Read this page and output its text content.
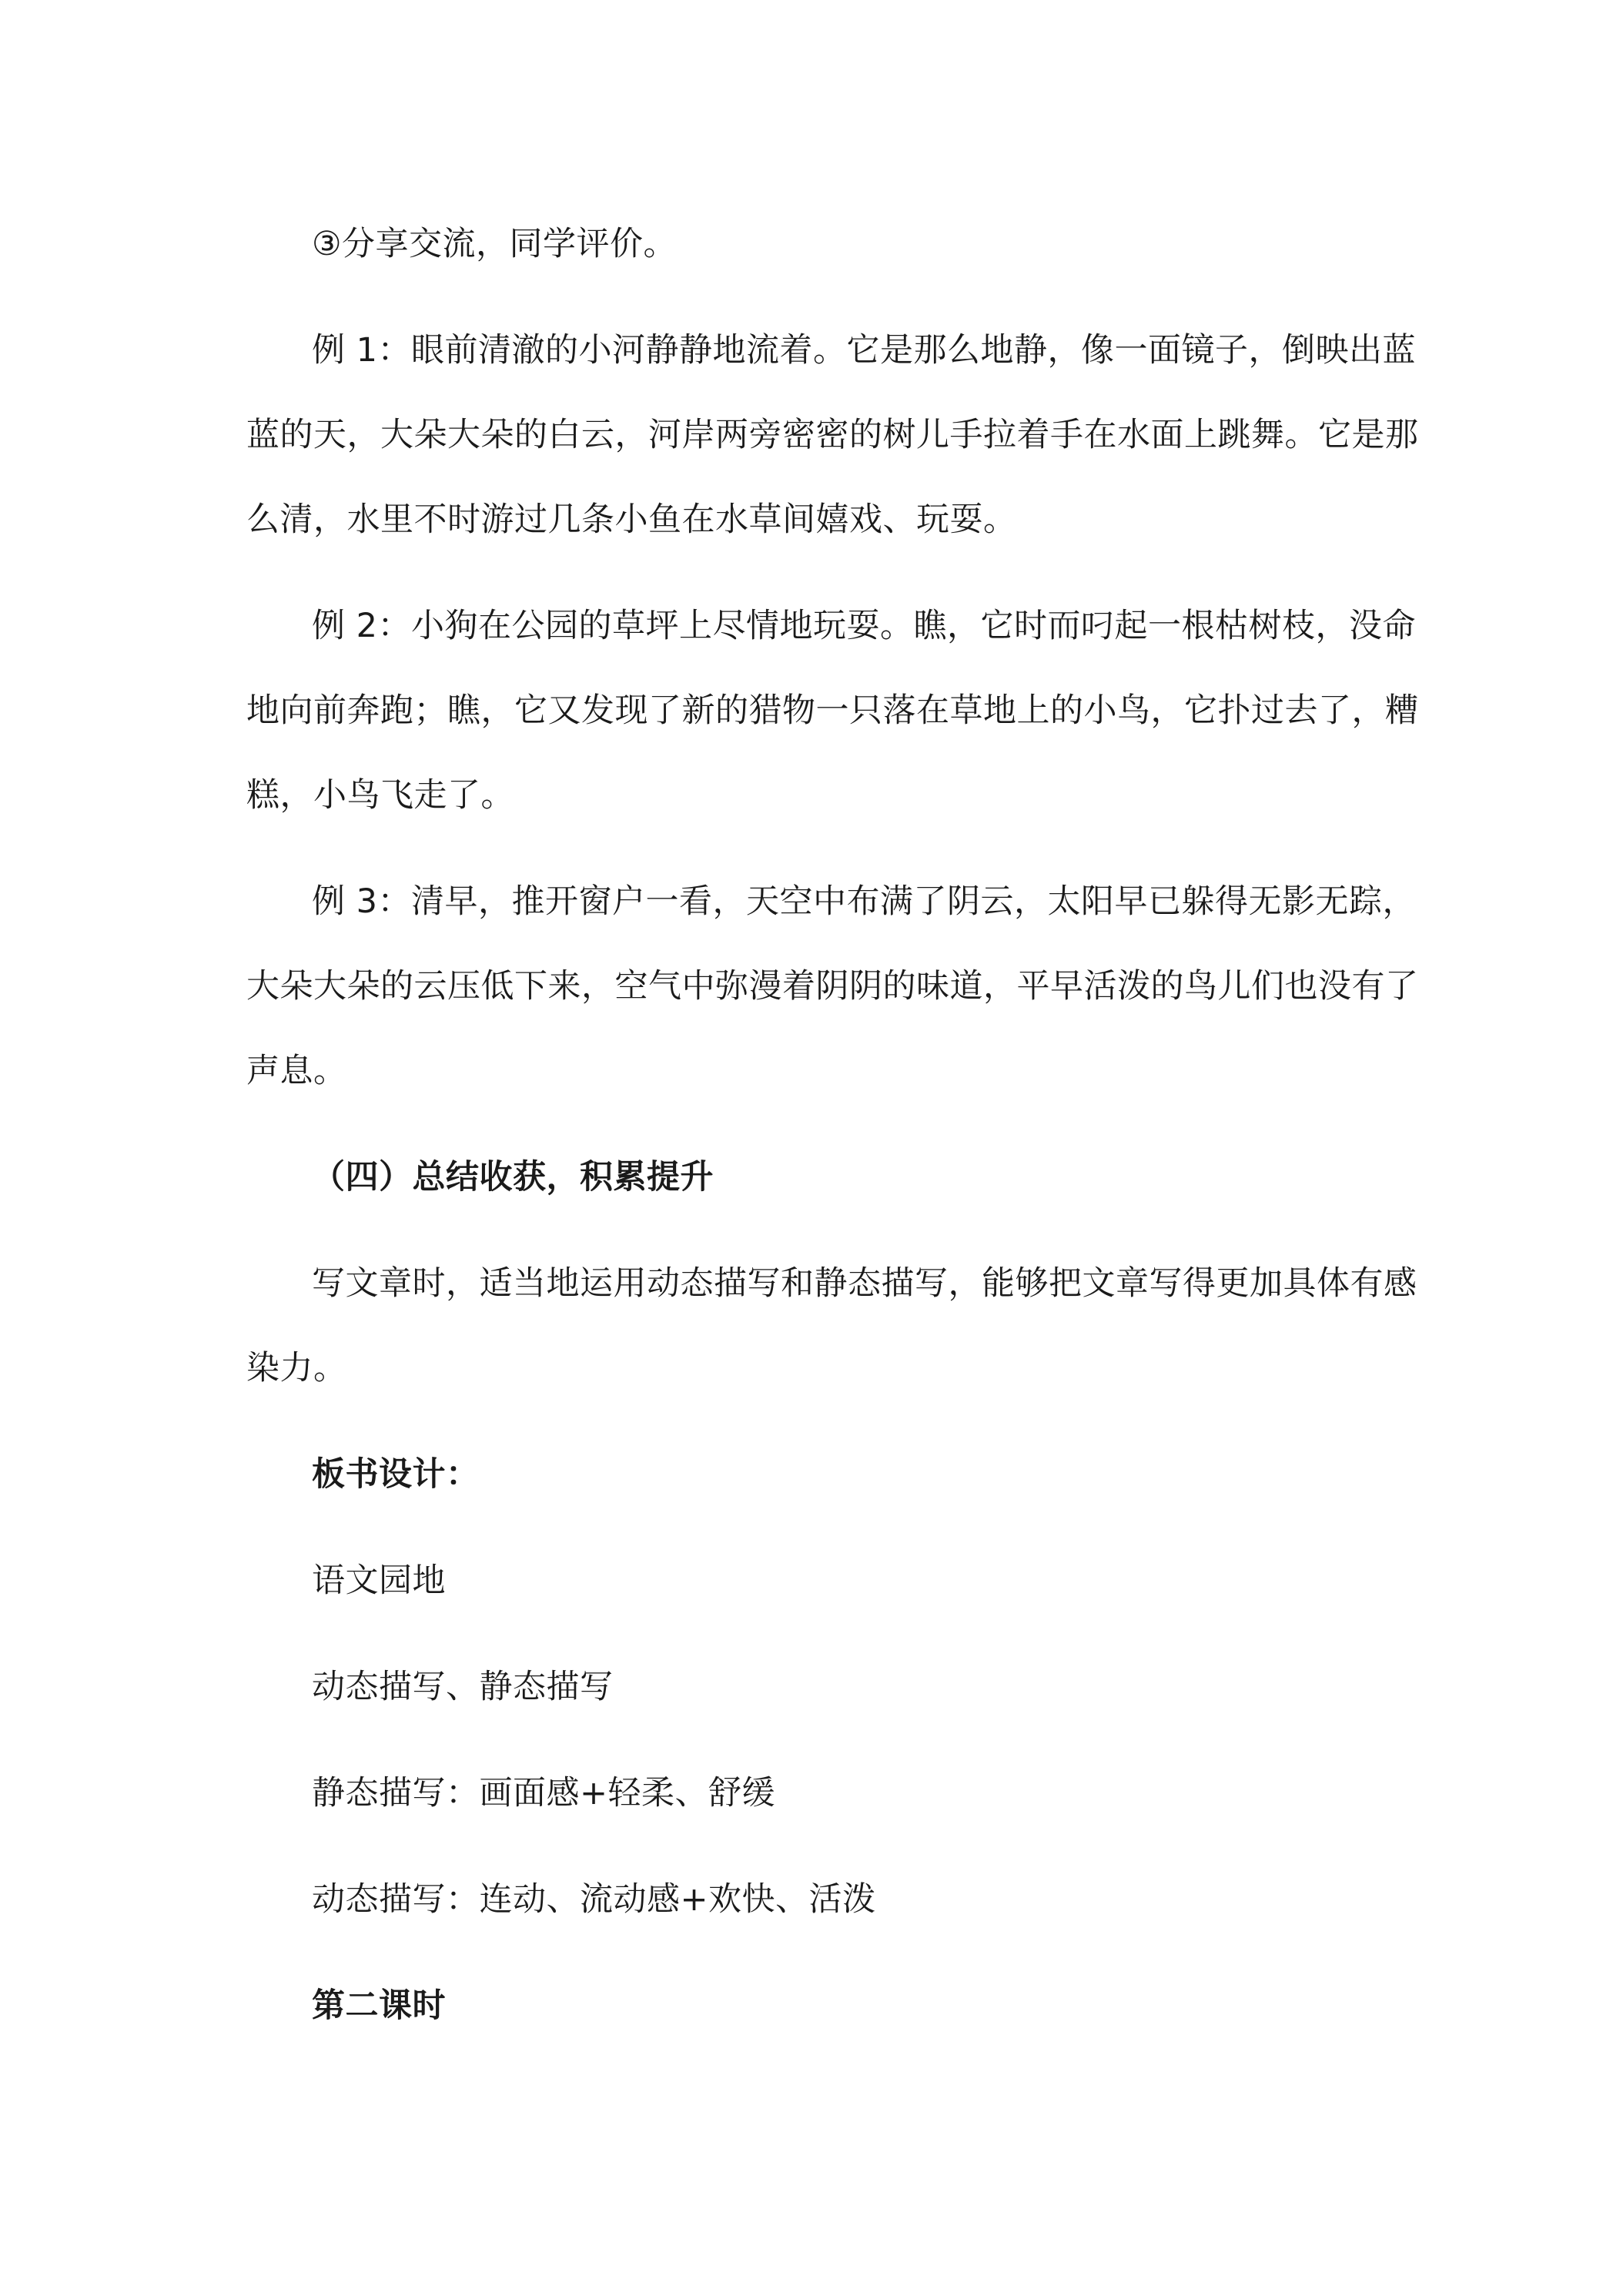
③分享交流，同学评价。
例 1：眼前清澈的小河静静地流着。它是那么地静，像一面镜子，倒映出蓝
蓝的天，大朵大朵的白云，河岸两旁密密的树儿手拉着手在水面上跳舞。它是那
么清，水里不时游过几条小鱼在水草间嬉戏、玩耍。
例 2：小狗在公园的草坪上尽情地玩耍。瞧，它时而叼起一根枯树枝，没命
地向前奔跑；瞧，它又发现了新的猎物一只落在草地上的小鸟，它扑过去了，糟
糕，小鸟飞走了。
例 3：清早，推开窗户一看，天空中布满了阴云，太阳早已躲得无影无踪，
大朵大朵的云压低下来，空气中弥漫着阴阴的味道，平早活泼的鸟儿们也没有了
声息。
（四）总结收获，积累提升
写文章时，适当地运用动态描写和静态描写，能够把文章写得更加具体有感
染力。
板书设计：
语文园地
动态描写、静态描写
静态描写：画面感+轻柔、舒缓
动态描写：连动、流动感+欢快、活泼
第二课时
